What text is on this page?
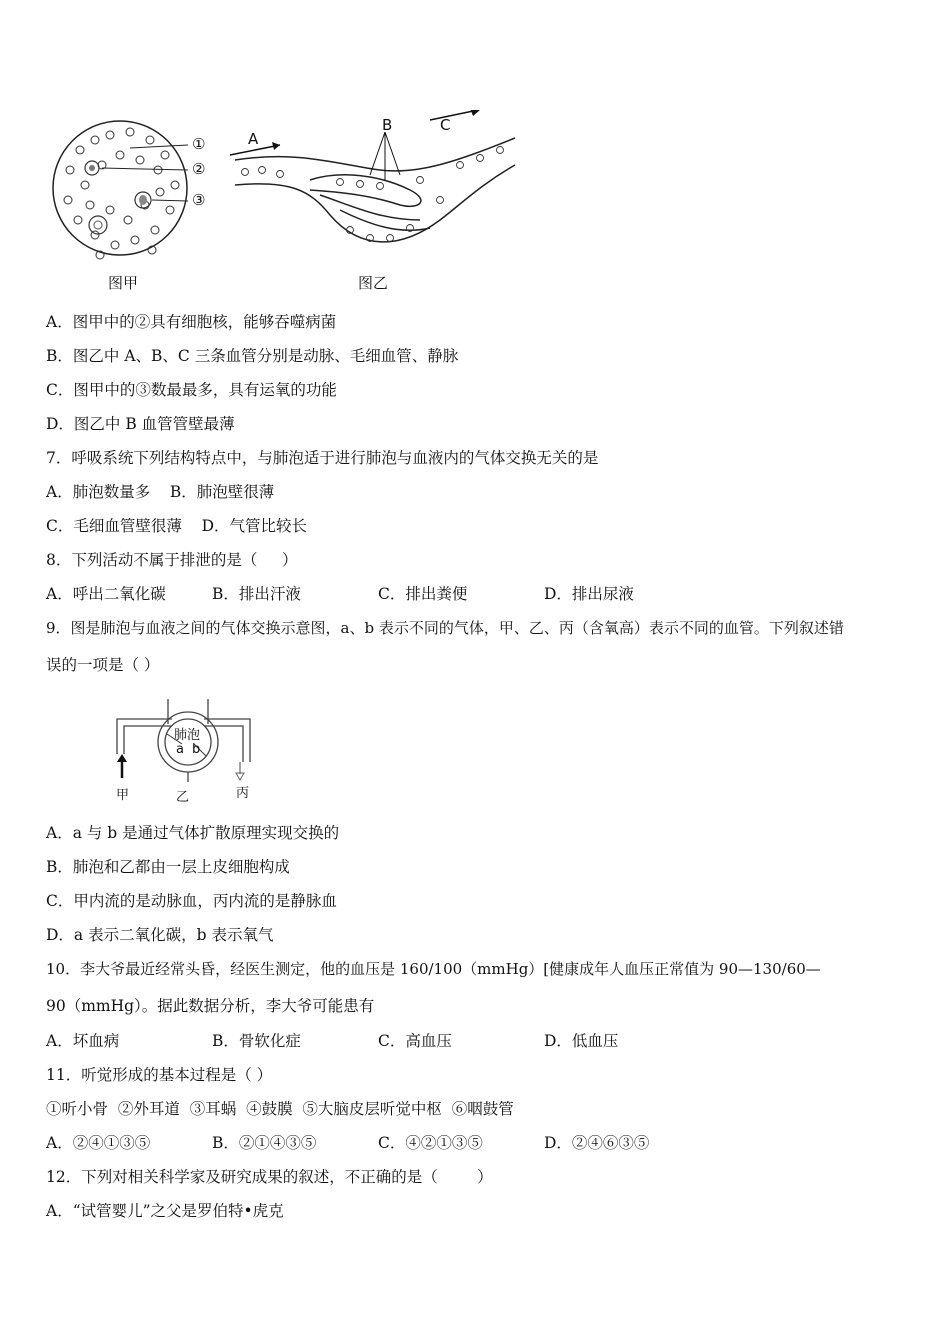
①
②
③
A
B	C
图甲	图乙
A．图甲中的②具有细胞核，能够吞噬病菌
B．图乙中 A、B、C 三条血管分别是动脉、毛细血管、静脉
C．图甲中的③数最最多，具有运氧的功能
D．图乙中 B 血管管壁最薄
7．呼吸系统下列结构特点中，与肺泡适于进行肺泡与血液内的气体交换无关的是
A．肺泡数量多    B．肺泡壁很薄
C．毛细血管壁很薄    D．气管比较长
8．下列活动不属于排泄的是（     ）
A．呼出二氧化碳	B．排出汗液	C．排出粪便	D．排出尿液
9．图是肺泡与血液之间的气体交换示意图，a、b 表示不同的气体，甲、乙、丙（含氧高）表示不同的血管。下列叙述错
误的一项是（ ）
肺泡
a b
甲	乙	丙
A．a 与 b 是通过气体扩散原理实现交换的
B．肺泡和乙都由一层上皮细胞构成
C．甲内流的是动脉血，丙内流的是静脉血
D．a 表示二氧化碳，b 表示氧气
10．李大爷最近经常头昏，经医生测定，他的血压是 160/100（mmHg）[健康成年人血压正常值为 90—130/60—
90（mmHg）。据此数据分析，李大爷可能患有
A．坏血病	B．骨软化症	C．高血压	D．低血压
11．听觉形成的基本过程是（ ）
①听小骨  ②外耳道  ③耳蜗  ④鼓膜  ⑤大脑皮层听觉中枢  ⑥咽鼓管
A．②④①③⑤	B．②①④③⑤	C．④②①③⑤	D．②④⑥③⑤
12．下列对相关科学家及研究成果的叙述，不正确的是（        ）
A．“试管婴儿”之父是罗伯特•虎克
